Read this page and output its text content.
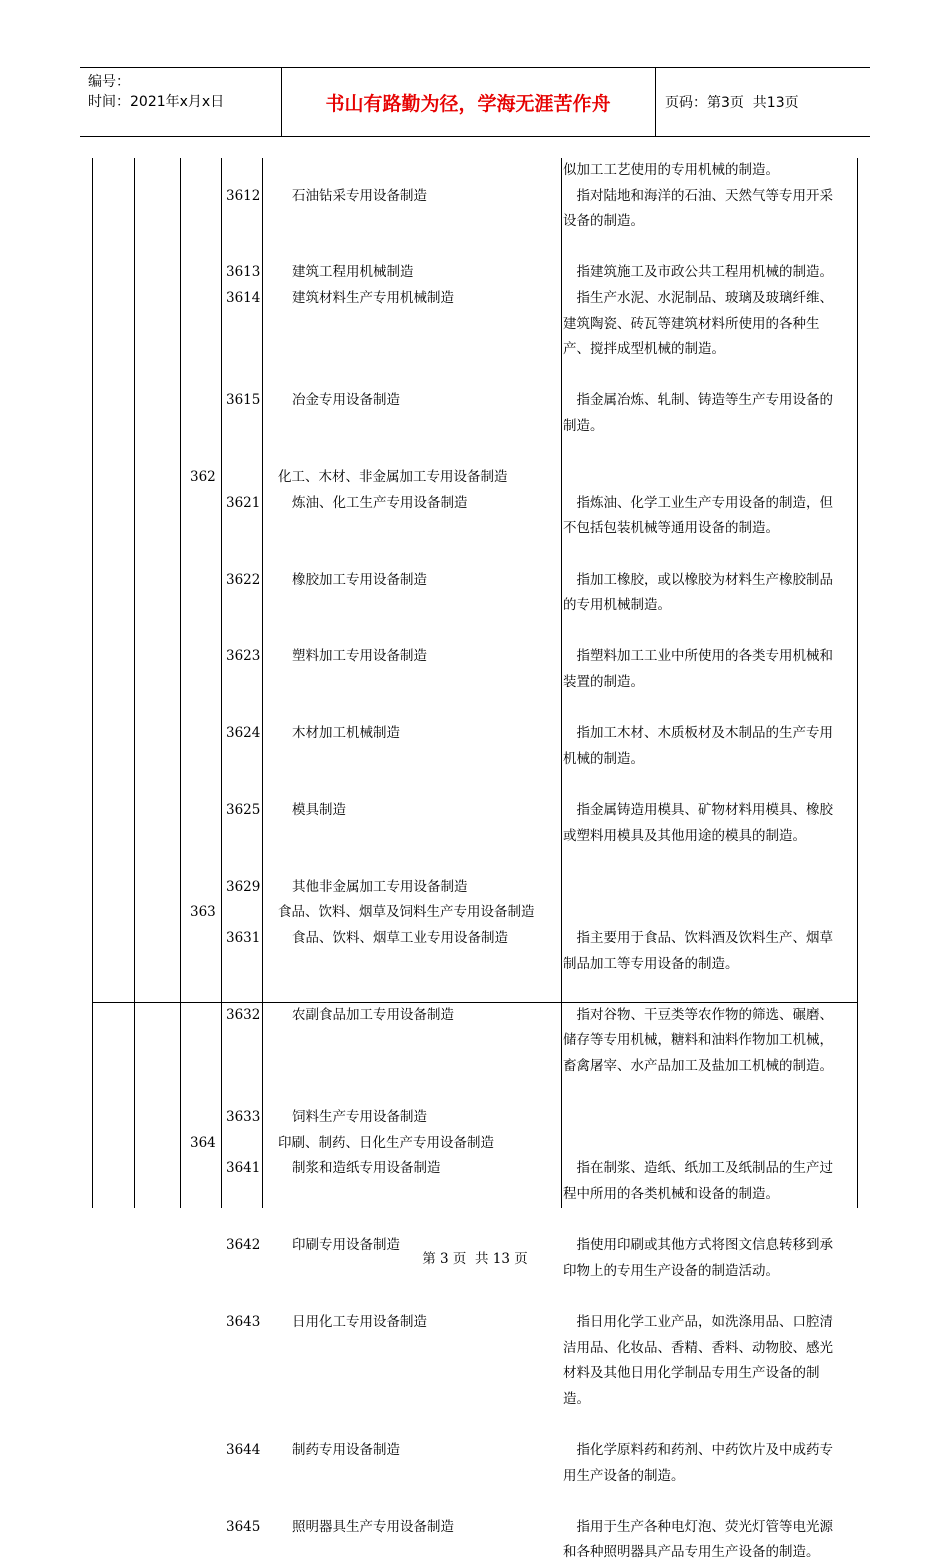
编号：
时间：2021年x月x日	书山有路勤为径，学海无涯苦作舟	页码：第3页  共13页
似加工工艺使用的专用机械的制造。
3612 石油钻采专用设备制造	指对陆地和海洋的石油、天然气等专用开采
设备的制造。
3613 建筑工程用机械制造	指建筑施工及市政公共工程用机械的制造。
3614 建筑材料生产专用机械制造	指生产水泥、水泥制品、玻璃及玻璃纤维、
建筑陶瓷、砖瓦等建筑材料所使用的各种生
产、搅拌成型机械的制造。
3615 冶金专用设备制造	指金属冶炼、轧制、铸造等生产专用设备的
制造。
362	化工、木材、非金属加工专用设备制造
3621 炼油、化工生产专用设备制造	指炼油、化学工业生产专用设备的制造，但
不包括包装机械等通用设备的制造。
3622 橡胶加工专用设备制造	指加工橡胶，或以橡胶为材料生产橡胶制品
的专用机械制造。
3623 塑料加工专用设备制造	指塑料加工工业中所使用的各类专用机械和
装置的制造。
3624 木材加工机械制造	指加工木材、木质板材及木制品的生产专用
机械的制造。
3625 模具制造	指金属铸造用模具、矿物材料用模具、橡胶
或塑料用模具及其他用途的模具的制造。
3629 其他非金属加工专用设备制造
363	食品、饮料、烟草及饲料生产专用设备制造
3631 食品、饮料、烟草工业专用设备制造	指主要用于食品、饮料酒及饮料生产、烟草
制品加工等专用设备的制造。
3632 农副食品加工专用设备制造	指对谷物、干豆类等农作物的筛选、碾磨、
储存等专用机械，糖料和油料作物加工机械，
畜禽屠宰、水产品加工及盐加工机械的制造。
3633 饲料生产专用设备制造
364	印刷、制药、日化生产专用设备制造
3641 制浆和造纸专用设备制造	指在制浆、造纸、纸加工及纸制品的生产过
程中所用的各类机械和设备的制造。
3642 印刷专用设备制造	指使用印刷或其他方式将图文信息转移到承
印物上的专用生产设备的制造活动。
3643 日用化工专用设备制造	指日用化学工业产品，如洗涤用品、口腔清
洁用品、化妆品、香精、香料、动物胶、感光
材料及其他日用化学制品专用生产设备的制
造。
3644 制药专用设备制造	指化学原料药和药剂、中药饮片及中成药专
用生产设备的制造。
3645 照明器具生产专用设备制造	指用于生产各种电灯泡、荧光灯管等电光源
和各种照明器具产品专用生产设备的制造。
第 3 页  共 13 页
